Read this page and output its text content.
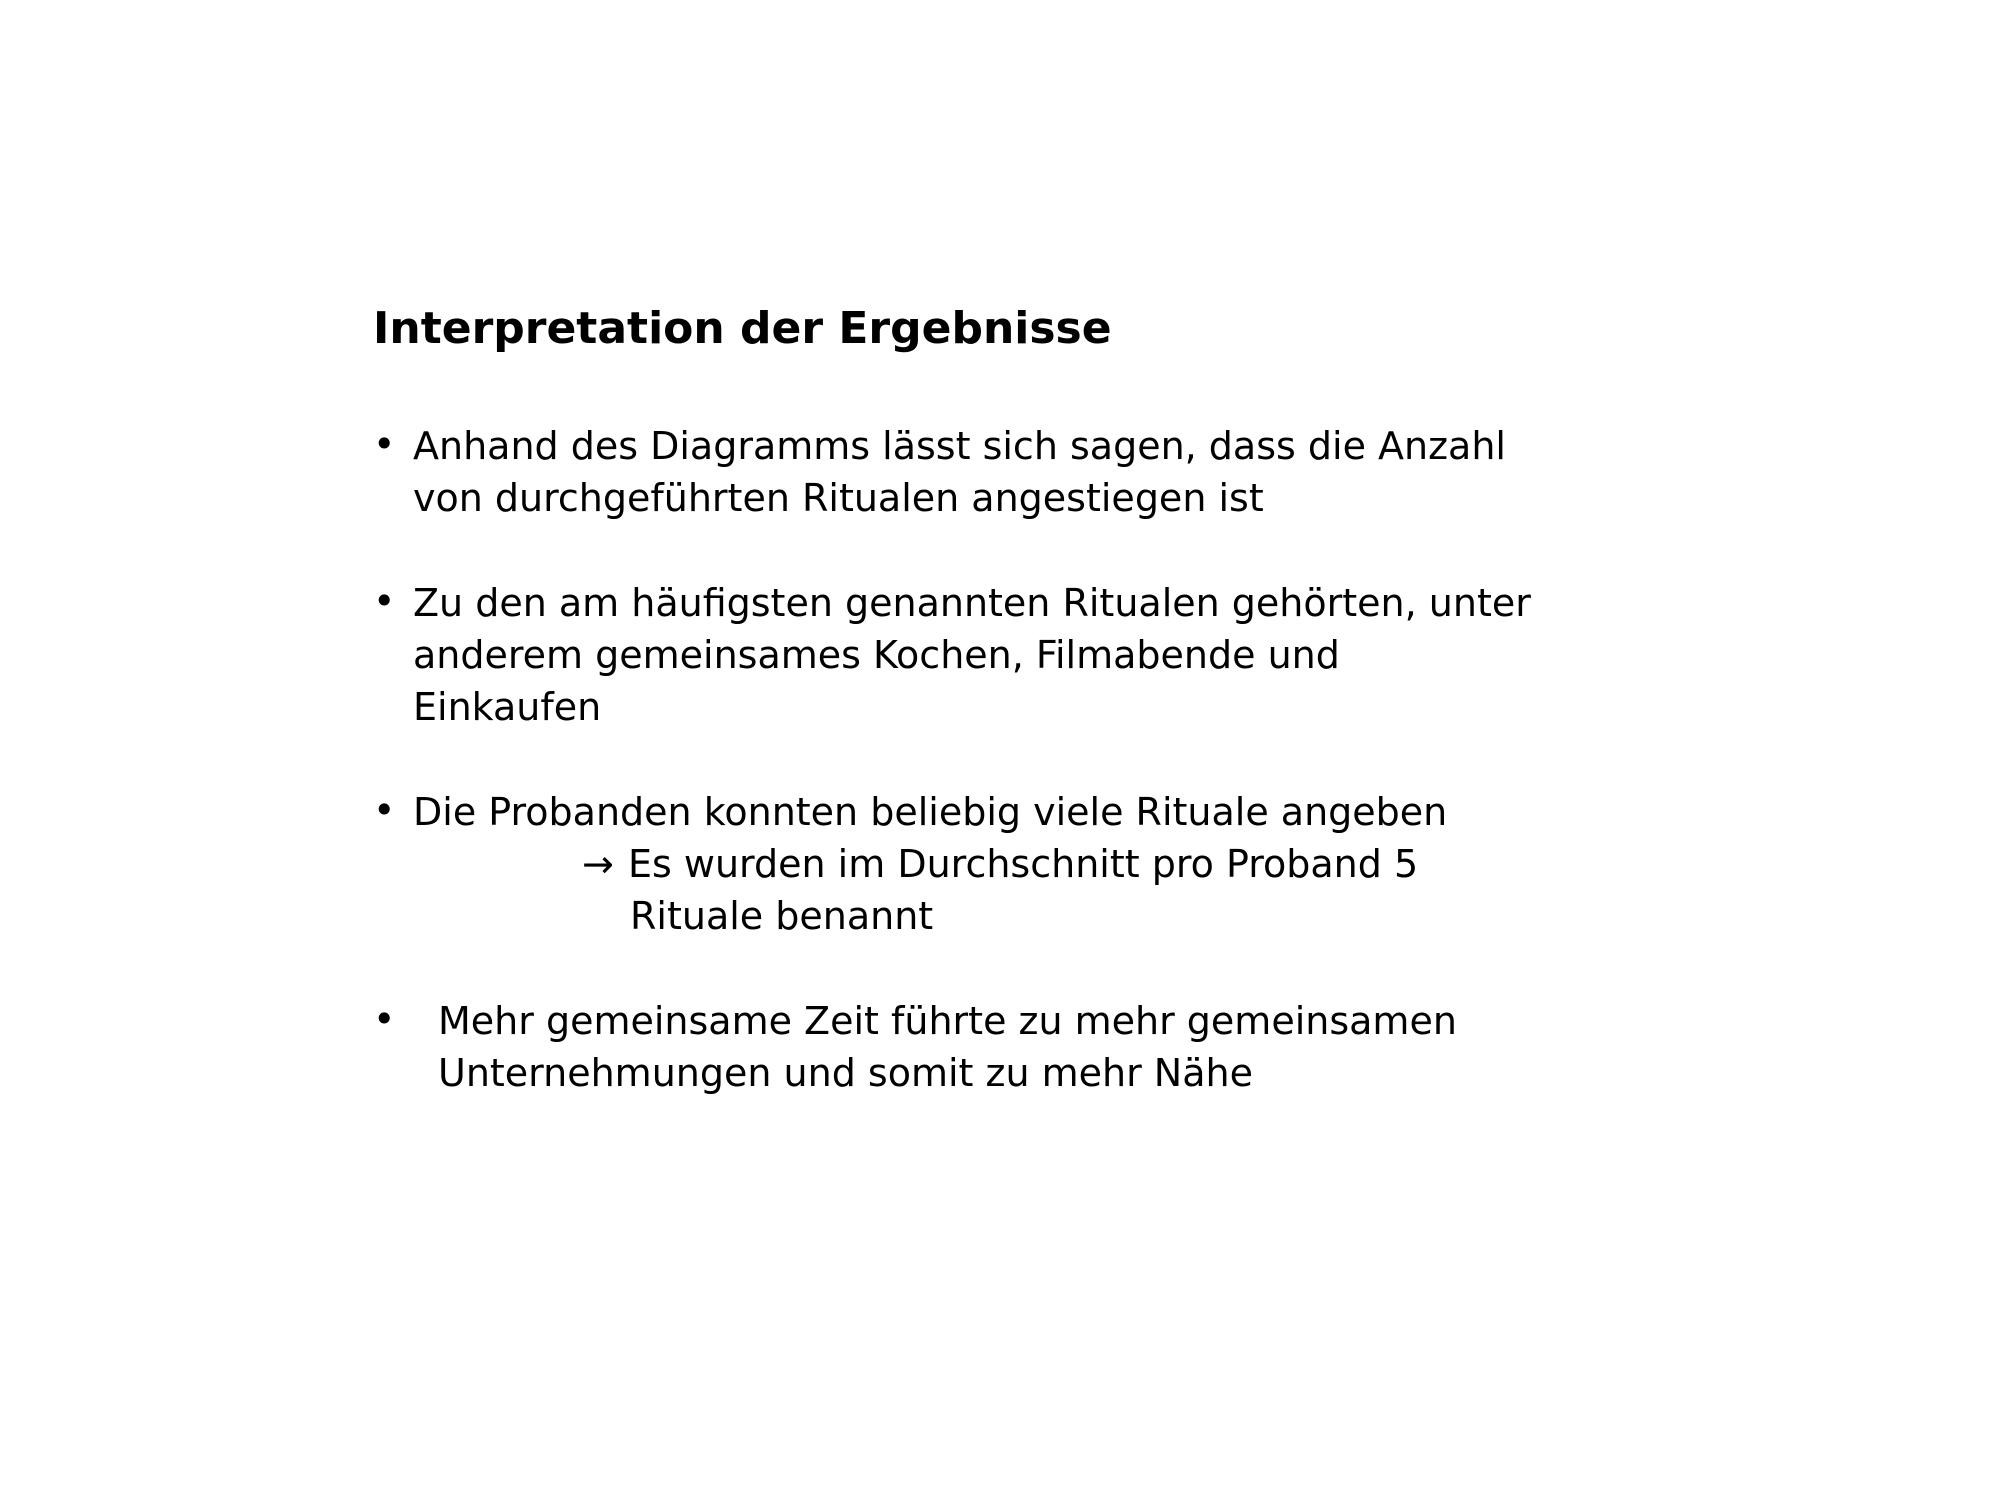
Interpretation der Ergebnisse
• Anhand des Diagramms lässt sich sagen, dass die Anzahl
von durchgeführten Ritualen angestiegen ist
• Zu den am häufigsten genannten Ritualen gehörten, unter
anderem gemeinsames Kochen, Filmabende und
Einkaufen
• Die Probanden konnten beliebig viele Rituale angeben
→ Es wurden im Durchschnitt pro Proband 5
Rituale benannt
• Mehr gemeinsame Zeit führte zu mehr gemeinsamen
Unternehmungen und somit zu mehr Nähe
